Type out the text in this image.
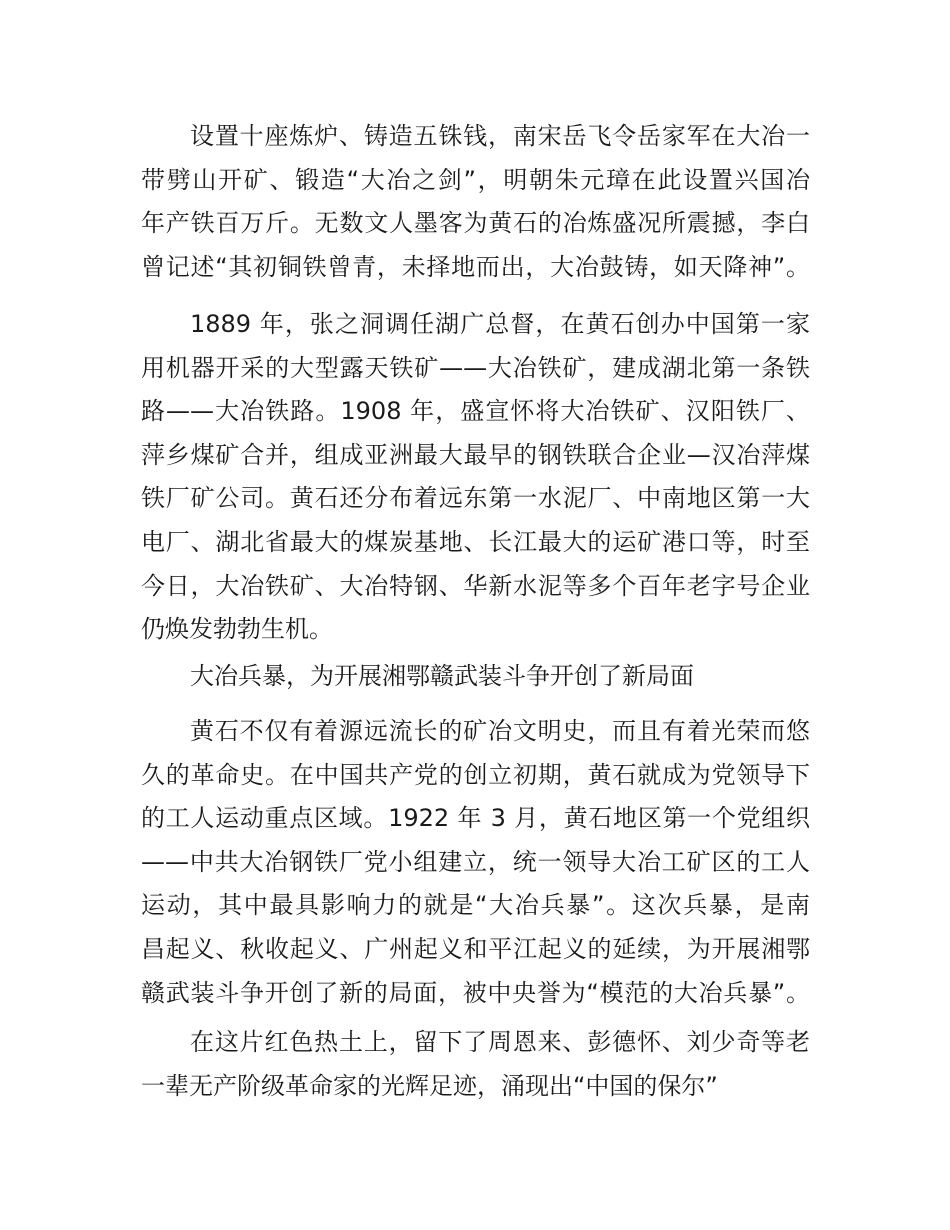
设置十座炼炉、铸造五铢钱，南宋岳飞令岳家军在大冶一
带劈山开矿、锻造“大冶之剑”，明朝朱元璋在此设置兴国冶
年产铁百万斤。无数文人墨客为黄石的冶炼盛况所震撼，李白
曾记述“其初铜铁曾青，未择地而出，大冶鼓铸，如天降神”。
1889 年，张之洞调任湖广总督，在黄石创办中国第一家
用机器开采的大型露天铁矿——大冶铁矿，建成湖北第一条铁
路——大冶铁路。1908 年，盛宣怀将大冶铁矿、汉阳铁厂、
萍乡煤矿合并，组成亚洲最大最早的钢铁联合企业—汉冶萍煤
铁厂矿公司。黄石还分布着远东第一水泥厂、中南地区第一大
电厂、湖北省最大的煤炭基地、长江最大的运矿港口等，时至
今日，大冶铁矿、大冶特钢、华新水泥等多个百年老字号企业
仍焕发勃勃生机。
大冶兵暴，为开展湘鄂赣武装斗争开创了新局面
黄石不仅有着源远流长的矿冶文明史，而且有着光荣而悠
久的革命史。在中国共产党的创立初期，黄石就成为党领导下
的工人运动重点区域。1922 年 3 月，黄石地区第一个党组织
——中共大冶钢铁厂党小组建立，统一领导大冶工矿区的工人
运动，其中最具影响力的就是“大冶兵暴”。这次兵暴，是南
昌起义、秋收起义、广州起义和平江起义的延续，为开展湘鄂
赣武装斗争开创了新的局面，被中央誉为“模范的大冶兵暴”。
在这片红色热土上，留下了周恩来、彭德怀、刘少奇等老
一辈无产阶级革命家的光辉足迹，涌现出“中国的保尔”
